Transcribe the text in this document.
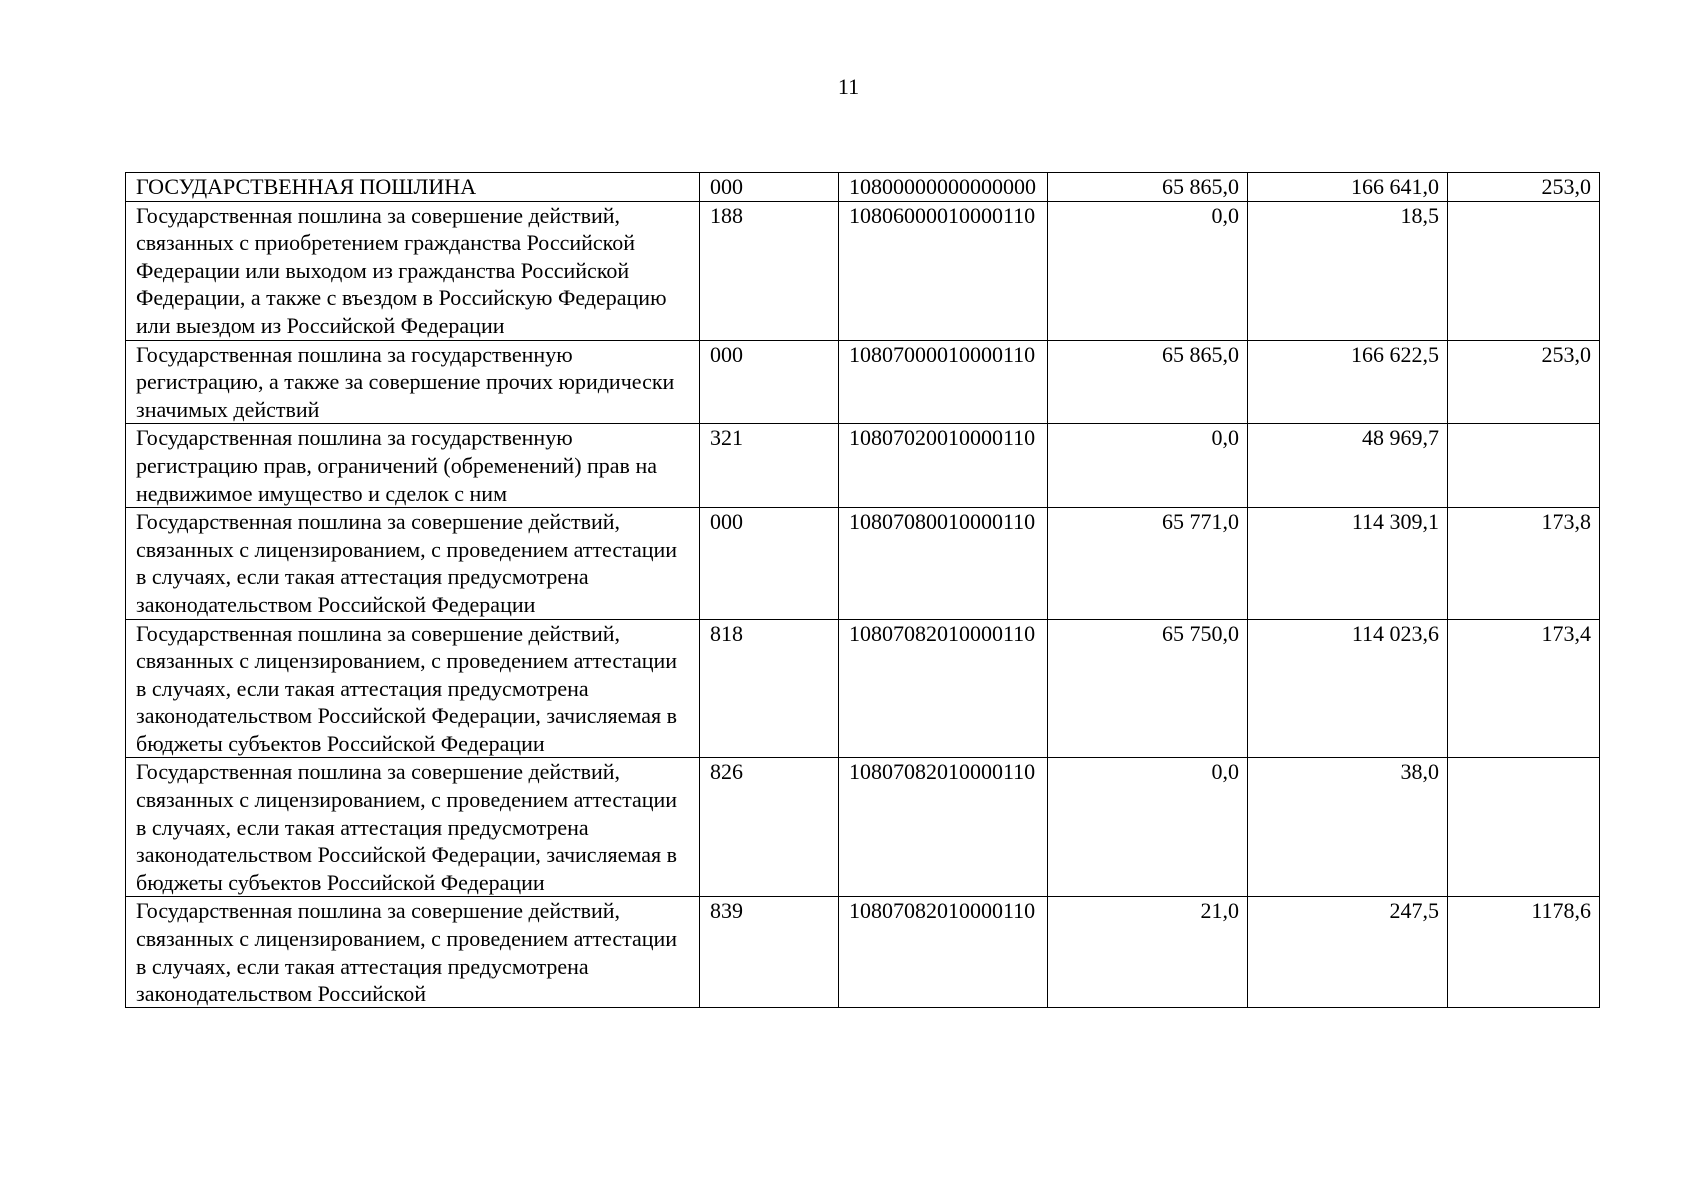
11
ГОСУДАРСТВЕННАЯ ПОШЛИНА	000	10800000000000000	65 865,0	166 641,0	253,0
Государственная пошлина за совершение действий, связанных с приобретением гражданства Российской Федерации или выходом из гражданства Российской Федерации, а также с въездом в Российскую Федерацию или выездом из Российской Федерации	188	10806000010000110	0,0	18,5	
Государственная пошлина за государственную регистрацию, а также за совершение прочих юридически значимых действий	000	10807000010000110	65 865,0	166 622,5	253,0
Государственная пошлина за государственную регистрацию прав, ограничений (обременений) прав на недвижимое имущество и сделок с ним	321	10807020010000110	0,0	48 969,7	
Государственная пошлина за совершение действий, связанных с лицензированием, с проведением аттестации в случаях, если такая аттестация предусмотрена законодательством Российской Федерации	000	10807080010000110	65 771,0	114 309,1	173,8
Государственная пошлина за совершение действий, связанных с лицензированием, с проведением аттестации в случаях, если такая аттестация предусмотрена законодательством Российской Федерации, зачисляемая в бюджеты субъектов Российской Федерации	818	10807082010000110	65 750,0	114 023,6	173,4
Государственная пошлина за совершение действий, связанных с лицензированием, с проведением аттестации в случаях, если такая аттестация предусмотрена законодательством Российской Федерации, зачисляемая в бюджеты субъектов Российской Федерации	826	10807082010000110	0,0	38,0	

Государственная пошлина за совершение действий, связанных с лицензированием, с проведением аттестации в случаях, если такая аттестация предусмотрена законодательством Российской	839	10807082010000110	21,0	247,5	1178,6
